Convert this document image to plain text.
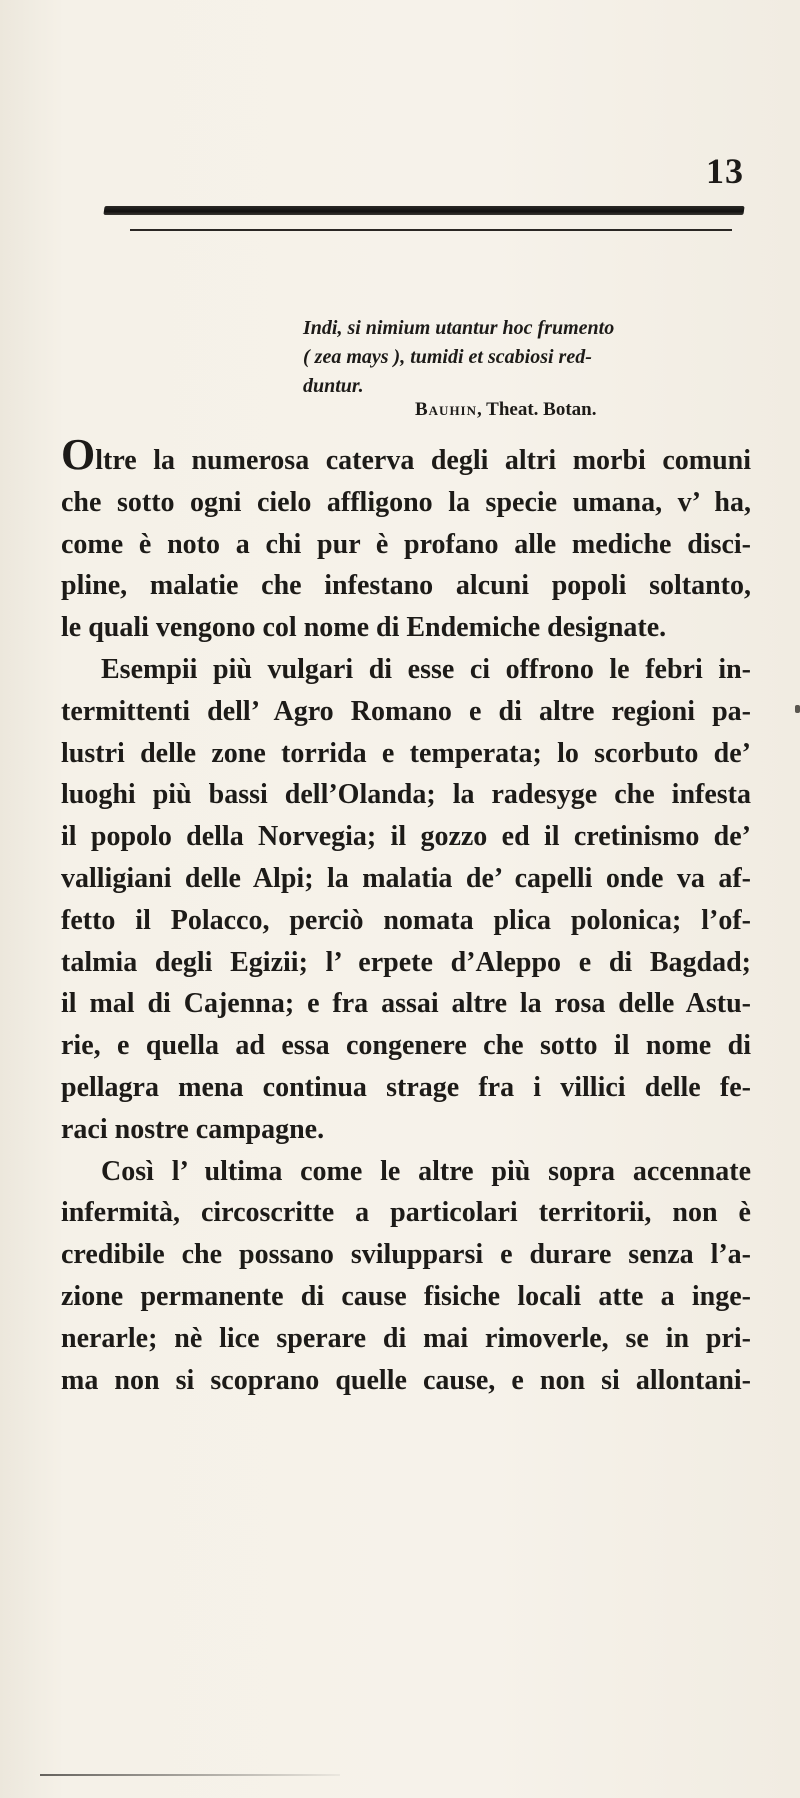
13
Indi, si nimium utantur hoc frumento
( zea mays ), tumidi et scabiosi red-
duntur.
Bauhin, Theat. Botan.
Oltre la numerosa caterva degli altri morbi comuni
che sotto ogni cielo affligono la specie umana, v’ ha,
come è noto a chi pur è profano alle mediche disci-
pline, malatie che infestano alcuni popoli soltanto,
le quali vengono col nome di Endemiche designate.
Esempii più vulgari di esse ci offrono le febri in-
termittenti dell’ Agro Romano e di altre regioni pa-
lustri delle zone torrida e temperata; lo scorbuto de’
luoghi più bassi dell’Olanda; la radesyge che infesta
il popolo della Norvegia; il gozzo ed il cretinismo de’
valligiani delle Alpi; la malatia de’ capelli onde va af-
fetto il Polacco, perciò nomata plica polonica; l’of-
talmia degli Egizii; l’ erpete d’Aleppo e di Bagdad;
il mal di Cajenna; e fra assai altre la rosa delle Astu-
rie, e quella ad essa congenere che sotto il nome di
pellagra mena continua strage fra i villici delle fe-
raci nostre campagne.
Così l’ ultima come le altre più sopra accennate
infermità, circoscritte a particolari territorii, non è
credibile che possano svilupparsi e durare senza l’a-
zione permanente di cause fisiche locali atte a inge-
nerarle; nè lice sperare di mai rimoverle, se in pri-
ma non si scoprano quelle cause, e non si allontani-
